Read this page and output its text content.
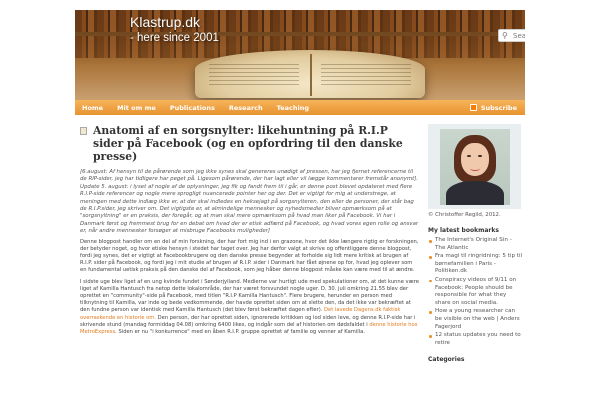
Klastrup.dk
- here since 2001	⚲
Search
Home	Mit om me	Publications	Research	Teaching	Subscribe
Anatomi af en sorgsnylter: likehuntning på R.I.P sider på Facebook (og en opfordring til den danske presse)

[6.august: Af hensyn til de pårørende som jeg ikke synes skal genereres unødigt af pressen, har jeg fjernet referencerne til de RIP-sider, jeg har tidligere har peget på. Ligesom pårørende, der har lagt eller vil lægge kommentarer fremstår anonymt].

Update 5. august: i lyset af nogle af de oplysninger, jeg fik og fandt frem til i går, er denne post blevet opdateret med flere R.I.P-side referencer og nogle mere sprogligt nuancerede pointer her og der. Det er vigtigt for mig at understrege, at meningen med dette indlæg ikke er, at der skal indledes en heksejagt på sorgsnylteren, den eller de personer, der står bag de R.I.P.sider, jeg skriver om. Det vigtigste er, at almindelige mennesker og nyhedsmedier bliver opmærksom på at "sorgsnyltning" er en praksis, der foregår, og at man skal mere opmærksom på hvad man liker på Facebook. Vi har i Danmark først og fremmest brug for en debat om hvad der er etisk adfærd på Facebook, og hvad vores egen rolle og ansvar er, når andre mennesker forsøger at misbruge Facebooks muligheder]

Denne blogpost handler om en del af min forskning, der har fort mig ind i en grazone, hvor det ikke længere rigtig er forskningen, der betyder noget, og hvor etiske hensyn i stedet har taget over. Jeg har derfor valgt at skrive og offentliggøre denne blogpost, fordi jeg synes, det er vigtigt at Facebookbrugere og den danske presse begynder at forholde sig lidt mere kritisk at brugen af R.I.P. sider på Facebook, og fordi jeg i mit studie af brugen af R.I.P. sider i Danmark har fået øjnene op for, hvad jeg oplever som en fundamental uetisk praksis på den danske del af Facebook, som jeg håber denne blogpost måske kan være med til at ændre.

I sidste uge blev liget af en ung kvinde fundet i Sønderjylland. Medierne var hurtigt ude med spekulationer om, at det kunne være liget af Kamilla Hantusch fra netop dette lokalområde, der har været forsvundet nogle uger. D. 30. juli omkring 21.55 blev der oprettet en "community"-side på Facebook, med titlen "R.I.P Kamilla Hantusch". Flere brugere, herunder en person med tilknytning til Kamilla, var inde og bede vedkommende, der havde oprettet siden om at slette den, da det ikke var bekræftet at den fundne person var identisk med Kamilla Hantusch (det blev først bekræftet dagen efter). Det lavede Dagens.dk faktisk overraskende en historie om. Den person, der har oprettet siden, ignorerede kritikken og lod siden leve, og denne R.I.P-side har i skrivende stund (mandag formiddag 04.08) omkring 6400 likes, og indgår som del af historien om dødsfaldet i denne historie hos MetroExpress. Siden er nu "i konkurrence" med en åben R.I.P. gruppe oprettet af familie og venner af Kamilla.

© Christoffer Regild, 2012.
My latest bookmarks
The Internet's Original Sin - The Atlantic
Fra magi til ringridning: 5 tip til børnefamilien i Paris - Politiken.dk
Conspiracy videos of 9/11 on Facebook: People should be responsible for what they share on social media.
How a young researcher can be visible on the web | Anders Fagerjord
12 status updates you need to retire
Categories
